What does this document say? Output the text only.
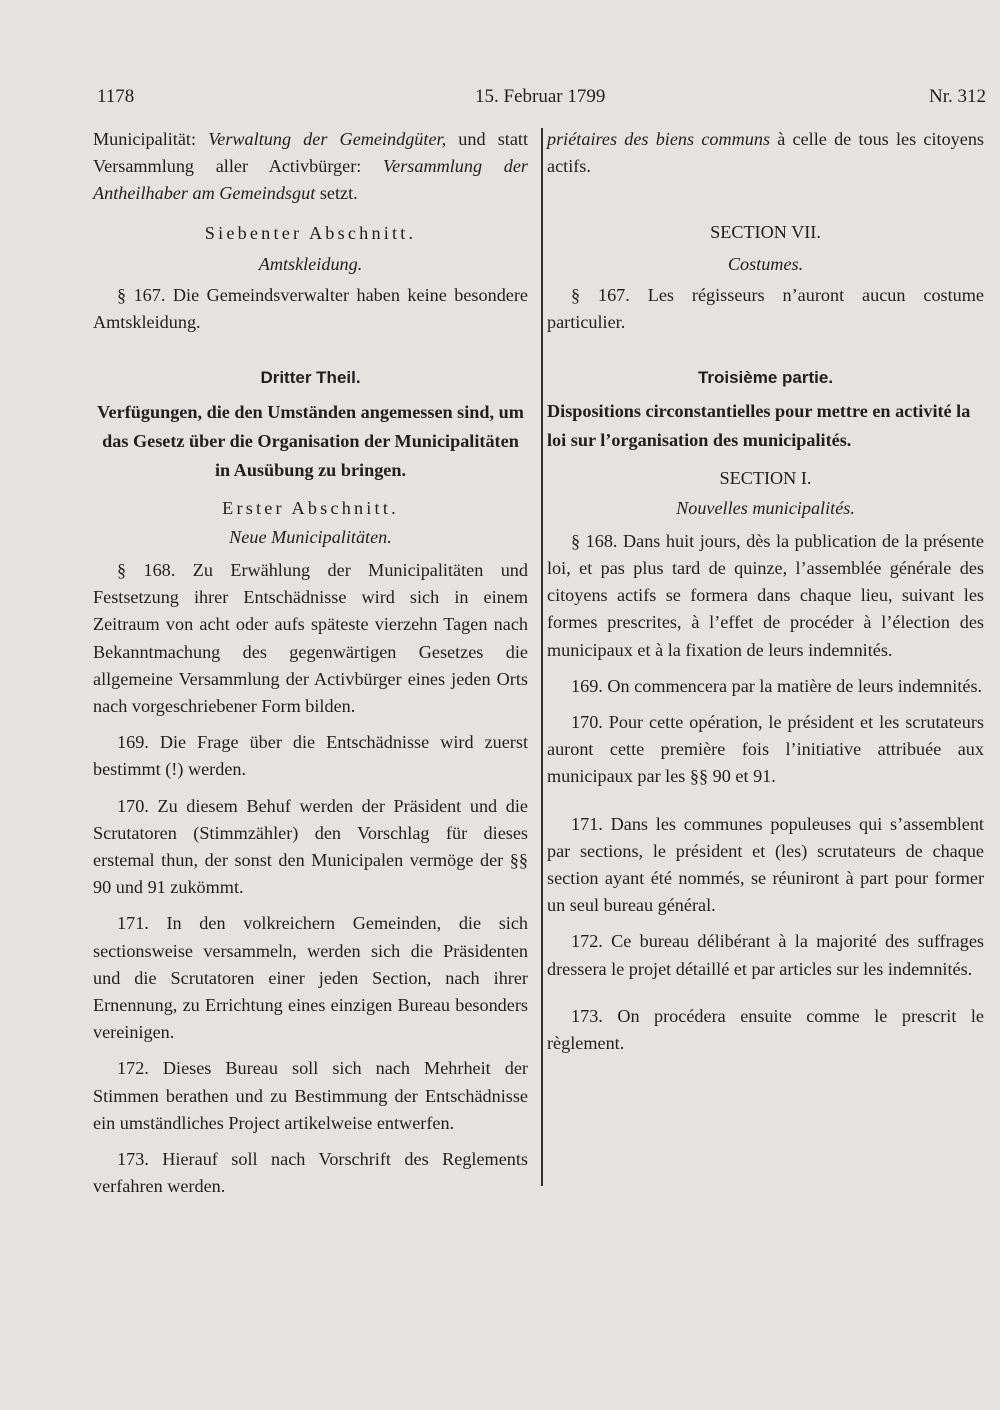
1178	15. Februar 1799	Nr. 312

Municipalität: Verwaltung der Gemeindgüter, und statt Versammlung aller Activbürger: Versammlung der Antheilhaber am Gemeindsgut setzt.

Siebenter Abschnitt.

Amtskleidung.

§ 167. Die Gemeindsverwalter haben keine besondere Amtskleidung.

Dritter Theil.

Verfügungen, die den Umständen angemessen sind, um das Gesetz über die Organisation der Municipalitäten in Ausübung zu bringen.

Erster Abschnitt.

Neue Municipalitäten.

§ 168. Zu Erwählung der Municipalitäten und Festsetzung ihrer Entschädnisse wird sich in einem Zeitraum von acht oder aufs späteste vierzehn Tagen nach Bekanntmachung des gegenwärtigen Gesetzes die allgemeine Versammlung der Activbürger eines jeden Orts nach vorgeschriebener Form bilden.

169. Die Frage über die Entschädnisse wird zuerst bestimmt (!) werden.

170. Zu diesem Behuf werden der Präsident und die Scrutatoren (Stimmzähler) den Vorschlag für dieses erstemal thun, der sonst den Municipalen vermöge der §§ 90 und 91 zukömmt.

171. In den volkreichern Gemeinden, die sich sectionsweise versammeln, werden sich die Präsidenten und die Scrutatoren einer jeden Section, nach ihrer Ernennung, zu Errichtung eines einzigen Bureau besonders vereinigen.

172. Dieses Bureau soll sich nach Mehrheit der Stimmen berathen und zu Bestimmung der Entschädnisse ein umständliches Project artikelweise entwerfen.

173. Hierauf soll nach Vorschrift des Reglements verfahren werden.

priétaires des biens communs à celle de tous les citoyens actifs.

SECTION VII.

Costumes.

§ 167. Les régisseurs n’auront aucun costume particulier.

Troisième partie.

Dispositions circonstantielles pour mettre en activité la loi sur l’organisation des municipalités.

SECTION I.

Nouvelles municipalités.

§ 168. Dans huit jours, dès la publication de la présente loi, et pas plus tard de quinze, l’assemblée générale des citoyens actifs se formera dans chaque lieu, suivant les formes prescrites, à l’effet de procéder à l’élection des municipaux et à la fixation de leurs indemnités.

169. On commencera par la matière de leurs indemnités.

170. Pour cette opération, le président et les scrutateurs auront cette première fois l’initiative attribuée aux municipaux par les §§ 90 et 91.

171. Dans les communes populeuses qui s’assemblent par sections, le président et (les) scrutateurs de chaque section ayant été nommés, se réuniront à part pour former un seul bureau général.

172. Ce bureau délibérant à la majorité des suffrages dressera le projet détaillé et par articles sur les indemnités.

173. On procédera ensuite comme le prescrit le règlement.
